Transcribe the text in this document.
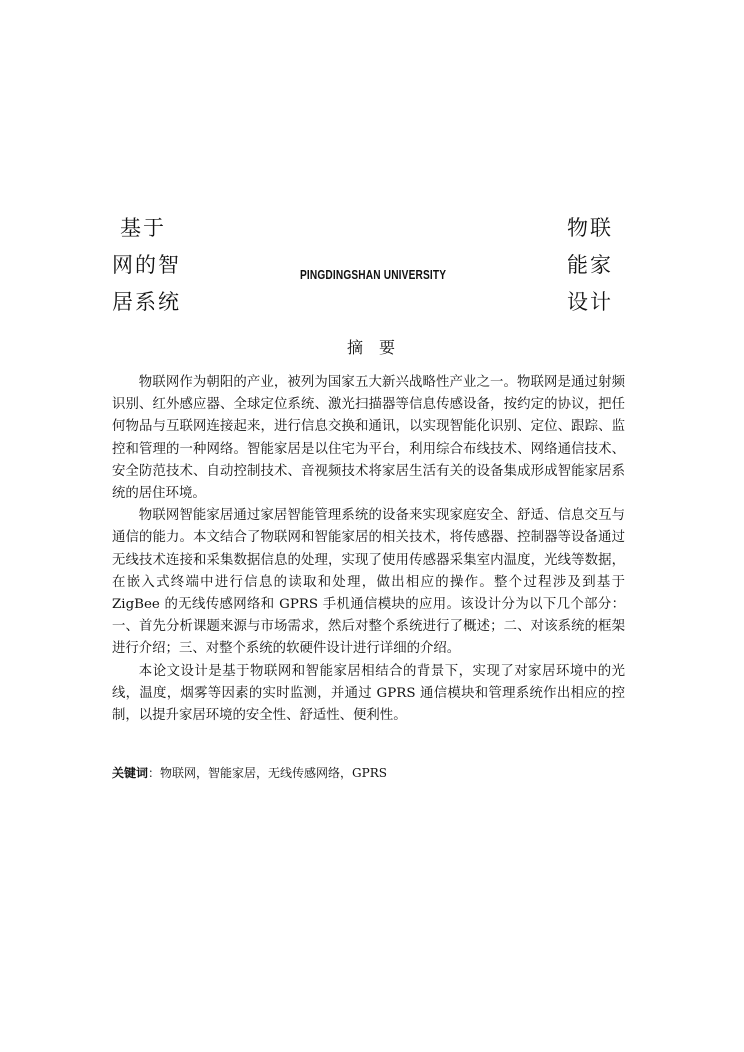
基于
网的智
居系统
PINGDINGSHAN UNIVERSITY
物联
能家
设计
摘要

物联网作为朝阳的产业，被列为国家五大新兴战略性产业之一。物联网是通过射频识别、红外感应器、全球定位系统、激光扫描器等信息传感设备，按约定的协议，把任何物品与互联网连接起来，进行信息交换和通讯，以实现智能化识别、定位、跟踪、监控和管理的一种网络。智能家居是以住宅为平台，利用综合布线技术、网络通信技术、安全防范技术、自动控制技术、音视频技术将家居生活有关的设备集成形成智能家居系统的居住环境。

物联网智能家居通过家居智能管理系统的设备来实现家庭安全、舒适、信息交互与通信的能力。本文结合了物联网和智能家居的相关技术，将传感器、控制器等设备通过无线技术连接和采集数据信息的处理，实现了使用传感器采集室内温度，光线等数据，在嵌入式终端中进行信息的读取和处理，做出相应的操作。整个过程涉及到基于 ZigBee 的无线传感网络和 GPRS 手机通信模块的应用。该设计分为以下几个部分：一、首先分析课题来源与市场需求，然后对整个系统进行了概述；二、对该系统的框架进行介绍；三、对整个系统的软硬件设计进行详细的介绍。

本论文设计是基于物联网和智能家居相结合的背景下，实现了对家居环境中的光线，温度，烟雾等因素的实时监测，并通过 GPRS 通信模块和管理系统作出相应的控制，以提升家居环境的安全性、舒适性、便利性。

关键词：物联网，智能家居，无线传感网络，GPRS
